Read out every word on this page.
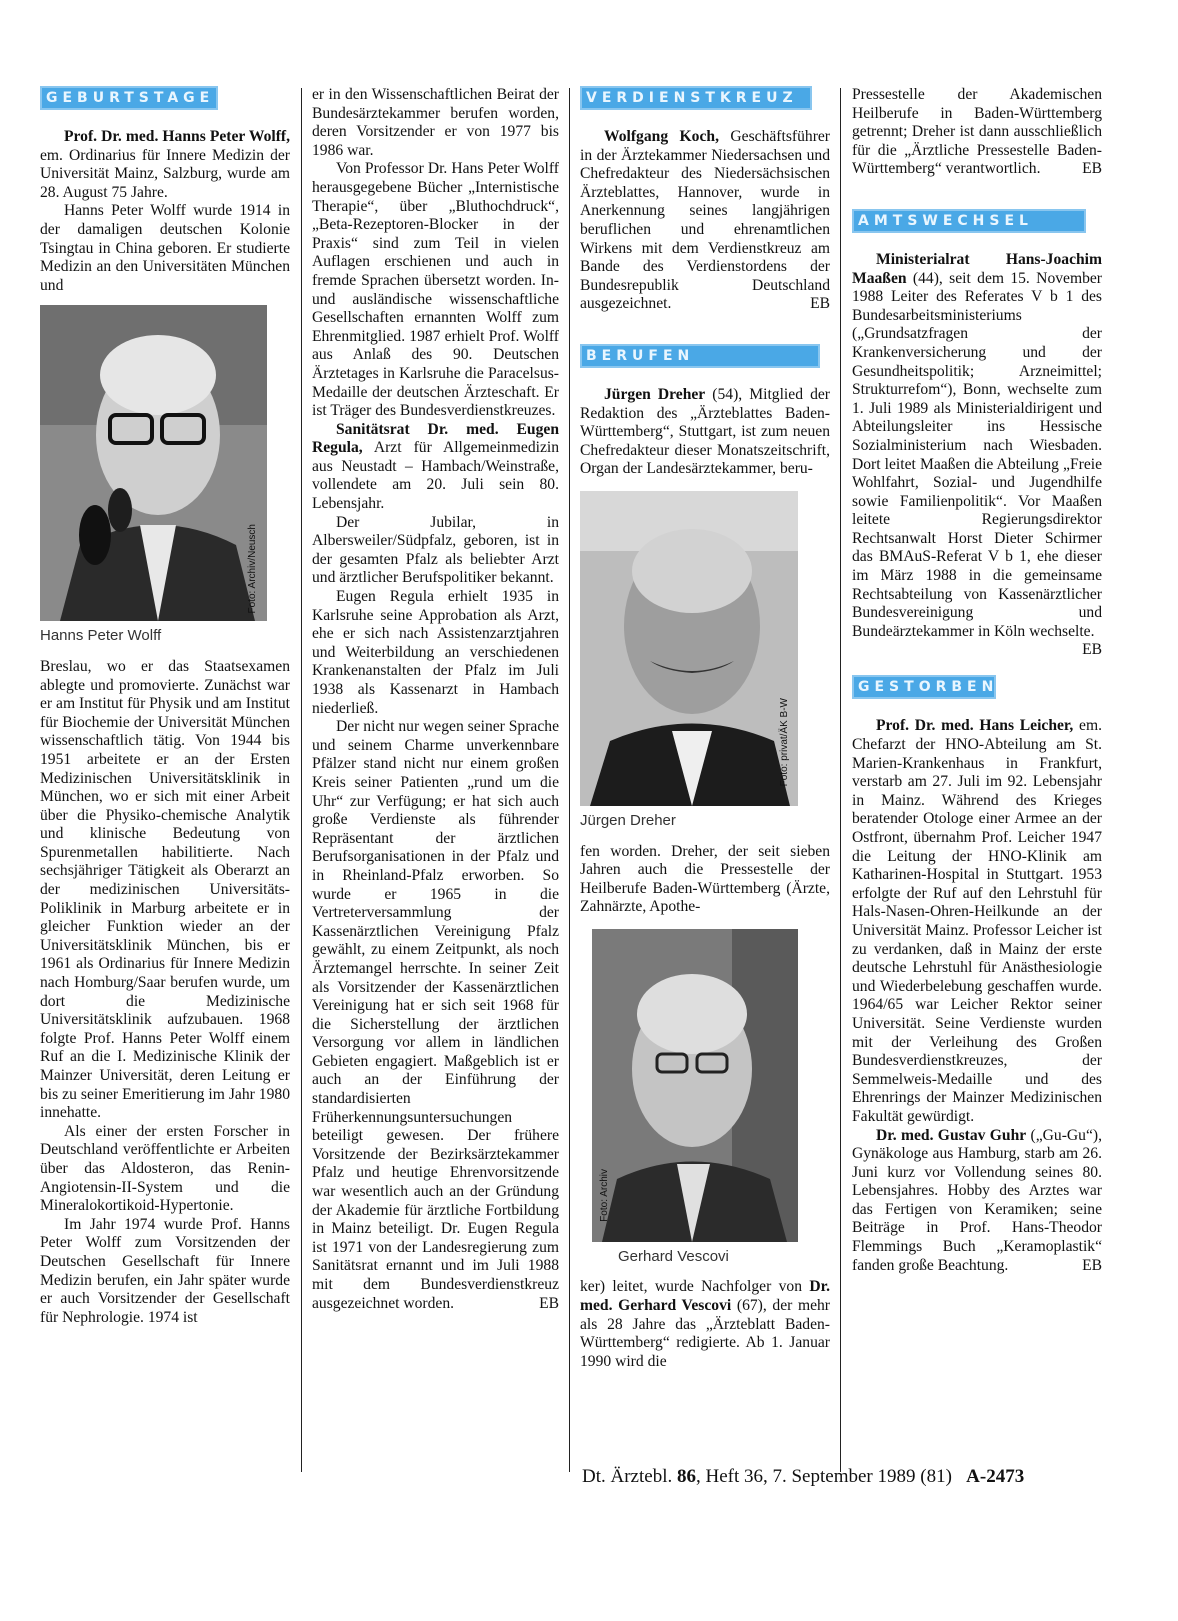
GEBURTSTAGE

Prof. Dr. med. Hanns Peter Wolff, em. Ordinarius für Innere Medizin der Universität Mainz, Salzburg, wurde am 28. August 75 Jahre.

Hanns Peter Wolff wurde 1914 in der damaligen deutschen Kolonie Tsingtau in China geboren. Er studierte Medizin an den Universitäten München und

Foto: Archiv/Neusch
Hanns Peter Wolff

Breslau, wo er das Staatsexamen ablegte und promovierte. Zunächst war er am Institut für Physik und am Institut für Biochemie der Universität München wissenschaftlich tätig. Von 1944 bis 1951 arbeitete er an der Ersten Medizinischen Universitätsklinik in München, wo er sich mit einer Arbeit über die Physiko-chemische Analytik und klinische Bedeutung von Spurenmetallen habilitierte. Nach sechsjähriger Tätigkeit als Oberarzt an der medizinischen Universitäts-Poliklinik in Marburg arbeitete er in gleicher Funktion wieder an der Universitätsklinik München, bis er 1961 als Ordinarius für Innere Medizin nach Homburg/Saar berufen wurde, um dort die Medizinische Universitätsklinik aufzubauen. 1968 folgte Prof. Hanns Peter Wolff einem Ruf an die I. Medizinische Klinik der Mainzer Universität, deren Leitung er bis zu seiner Emeritierung im Jahr 1980 innehatte.

Als einer der ersten Forscher in Deutschland veröffentlichte er Arbeiten über das Aldosteron, das Renin-Angiotensin-II-System und die Mineralokortikoid-Hypertonie.

Im Jahr 1974 wurde Prof. Hanns Peter Wolff zum Vorsitzenden der Deutschen Gesellschaft für Innere Medizin berufen, ein Jahr später wurde er auch Vorsitzender der Gesellschaft für Nephrologie. 1974 ist

er in den Wissenschaftlichen Beirat der Bundesärztekammer berufen worden, deren Vorsitzender er von 1977 bis 1986 war.

Von Professor Dr. Hans Peter Wolff herausgegebene Bücher „Internistische Therapie“, über „Bluthochdruck“, „Beta-Rezeptoren-Blocker in der Praxis“ sind zum Teil in vielen Auflagen erschienen und auch in fremde Sprachen übersetzt worden. In- und ausländische wissenschaftliche Gesellschaften ernannten Wolff zum Ehrenmitglied. 1987 erhielt Prof. Wolff aus Anlaß des 90. Deutschen Ärztetages in Karlsruhe die Paracelsus-Medaille der deutschen Ärzteschaft. Er ist Träger des Bundesverdienstkreuzes.

Sanitätsrat Dr. med. Eugen Regula, Arzt für Allgemeinmedizin aus Neustadt – Hambach/Weinstraße, vollendete am 20. Juli sein 80. Lebensjahr.

Der Jubilar, in Albersweiler/Südpfalz, geboren, ist in der gesamten Pfalz als beliebter Arzt und ärztlicher Berufspolitiker bekannt.

Eugen Regula erhielt 1935 in Karlsruhe seine Approbation als Arzt, ehe er sich nach Assistenzarztjahren und Weiterbildung an verschiedenen Krankenanstalten der Pfalz im Juli 1938 als Kassenarzt in Hambach niederließ.

Der nicht nur wegen seiner Sprache und seinem Charme unverkennbare Pfälzer stand nicht nur einem großen Kreis seiner Patienten „rund um die Uhr“ zur Verfügung; er hat sich auch große Verdienste als führender Repräsentant der ärztlichen Berufsorganisationen in der Pfalz und in Rheinland-Pfalz erworben. So wurde er 1965 in die Vertreterversammlung der Kassenärztlichen Vereinigung Pfalz gewählt, zu einem Zeitpunkt, als noch Ärztemangel herrschte. In seiner Zeit als Vorsitzender der Kassenärztlichen Vereinigung hat er sich seit 1968 für die Sicherstellung der ärztlichen Versorgung vor allem in ländlichen Gebieten engagiert. Maßgeblich ist er auch an der Einführung der standardisierten Früherkennungsuntersuchungen beteiligt gewesen. Der frühere Vorsitzende der Bezirksärztekammer Pfalz und heutige Ehrenvorsitzende war wesentlich auch an der Gründung der Akademie für ärztliche Fortbildung in Mainz beteiligt. Dr. Eugen Regula ist 1971 von der Landesregierung zum Sanitätsrat ernannt und im Juli 1988 mit dem Bundesverdienstkreuz ausgezeichnet worden.	EB

VERDIENSTKREUZ

Wolfgang Koch, Geschäftsführer in der Ärztekammer Niedersachsen und Chefredakteur des Niedersächsischen Ärzteblattes, Hannover, wurde in Anerkennung seines langjährigen beruflichen und ehrenamtlichen Wirkens mit dem Verdienstkreuz am Bande des Verdienstordens der Bundesrepublik Deutschland ausgezeichnet.	EB

BERUFEN

Jürgen Dreher (54), Mitglied der Redaktion des „Ärzteblattes Baden-Württemberg“, Stuttgart, ist zum neuen Chefredakteur dieser Monatszeitschrift, Organ der Landesärztekammer, beru-

Foto: privat/ÄK B-W
Jürgen Dreher

fen worden. Dreher, der seit sieben Jahren auch die Pressestelle der Heilberufe Baden-Württemberg (Ärzte, Zahnärzte, Apothe-

Foto: Archiv
Gerhard Vescovi

ker) leitet, wurde Nachfolger von Dr. med. Gerhard Vescovi (67), der mehr als 28 Jahre das „Ärzteblatt Baden-Württemberg“ redigierte. Ab 1. Januar 1990 wird die

Pressestelle der Akademischen Heilberufe in Baden-Württemberg getrennt; Dreher ist dann ausschließlich für die „Ärztliche Pressestelle Baden-Württemberg“ verantwortlich.	EB

AMTSWECHSEL

Ministerialrat Hans-Joachim Maaßen (44), seit dem 15. November 1988 Leiter des Referates V b 1 des Bundesarbeitsministeriums („Grundsatzfragen der Krankenversicherung und der Gesundheitspolitik; Arzneimittel; Strukturrefom“), Bonn, wechselte zum 1. Juli 1989 als Ministerialdirigent und Abteilungsleiter ins Hessische Sozialministerium nach Wiesbaden. Dort leitet Maaßen die Abteilung „Freie Wohlfahrt, Sozial- und Jugendhilfe sowie Familienpolitik“. Vor Maaßen leitete Regierungsdirektor Rechtsanwalt Horst Dieter Schirmer das BMAuS-Referat V b 1, ehe dieser im März 1988 in die gemeinsame Rechtsabteilung von Kassenärztlicher Bundesvereinigung und Bundeärztekammer in Köln wechselte.
EB

GESTORBEN

Prof. Dr. med. Hans Leicher, em. Chefarzt der HNO-Abteilung am St. Marien-Krankenhaus in Frankfurt, verstarb am 27. Juli im 92. Lebensjahr in Mainz. Während des Krieges beratender Otologe einer Armee an der Ostfront, übernahm Prof. Leicher 1947 die Leitung der HNO-Klinik am Katharinen-Hospital in Stuttgart. 1953 erfolgte der Ruf auf den Lehrstuhl für Hals-Nasen-Ohren-Heilkunde an der Universität Mainz. Professor Leicher ist zu verdanken, daß in Mainz der erste deutsche Lehrstuhl für Anästhesiologie und Wiederbelebung geschaffen wurde. 1964/65 war Leicher Rektor seiner Universität. Seine Verdienste wurden mit der Verleihung des Großen Bundesverdienstkreuzes, der Semmelweis-Medaille und des Ehrenrings der Mainzer Medizinischen Fakultät gewürdigt.

Dr. med. Gustav Guhr („Gu-Gu“), Gynäkologe aus Hamburg, starb am 26. Juni kurz vor Vollendung seines 80. Lebensjahres. Hobby des Arztes war das Fertigen von Keramiken; seine Beiträge in Prof. Hans-Theodor Flemmings Buch „Keramoplastik“ fanden große Beachtung.	EB

Dt. Ärztebl. 86, Heft 36, 7. September 1989 (81) A-2473
